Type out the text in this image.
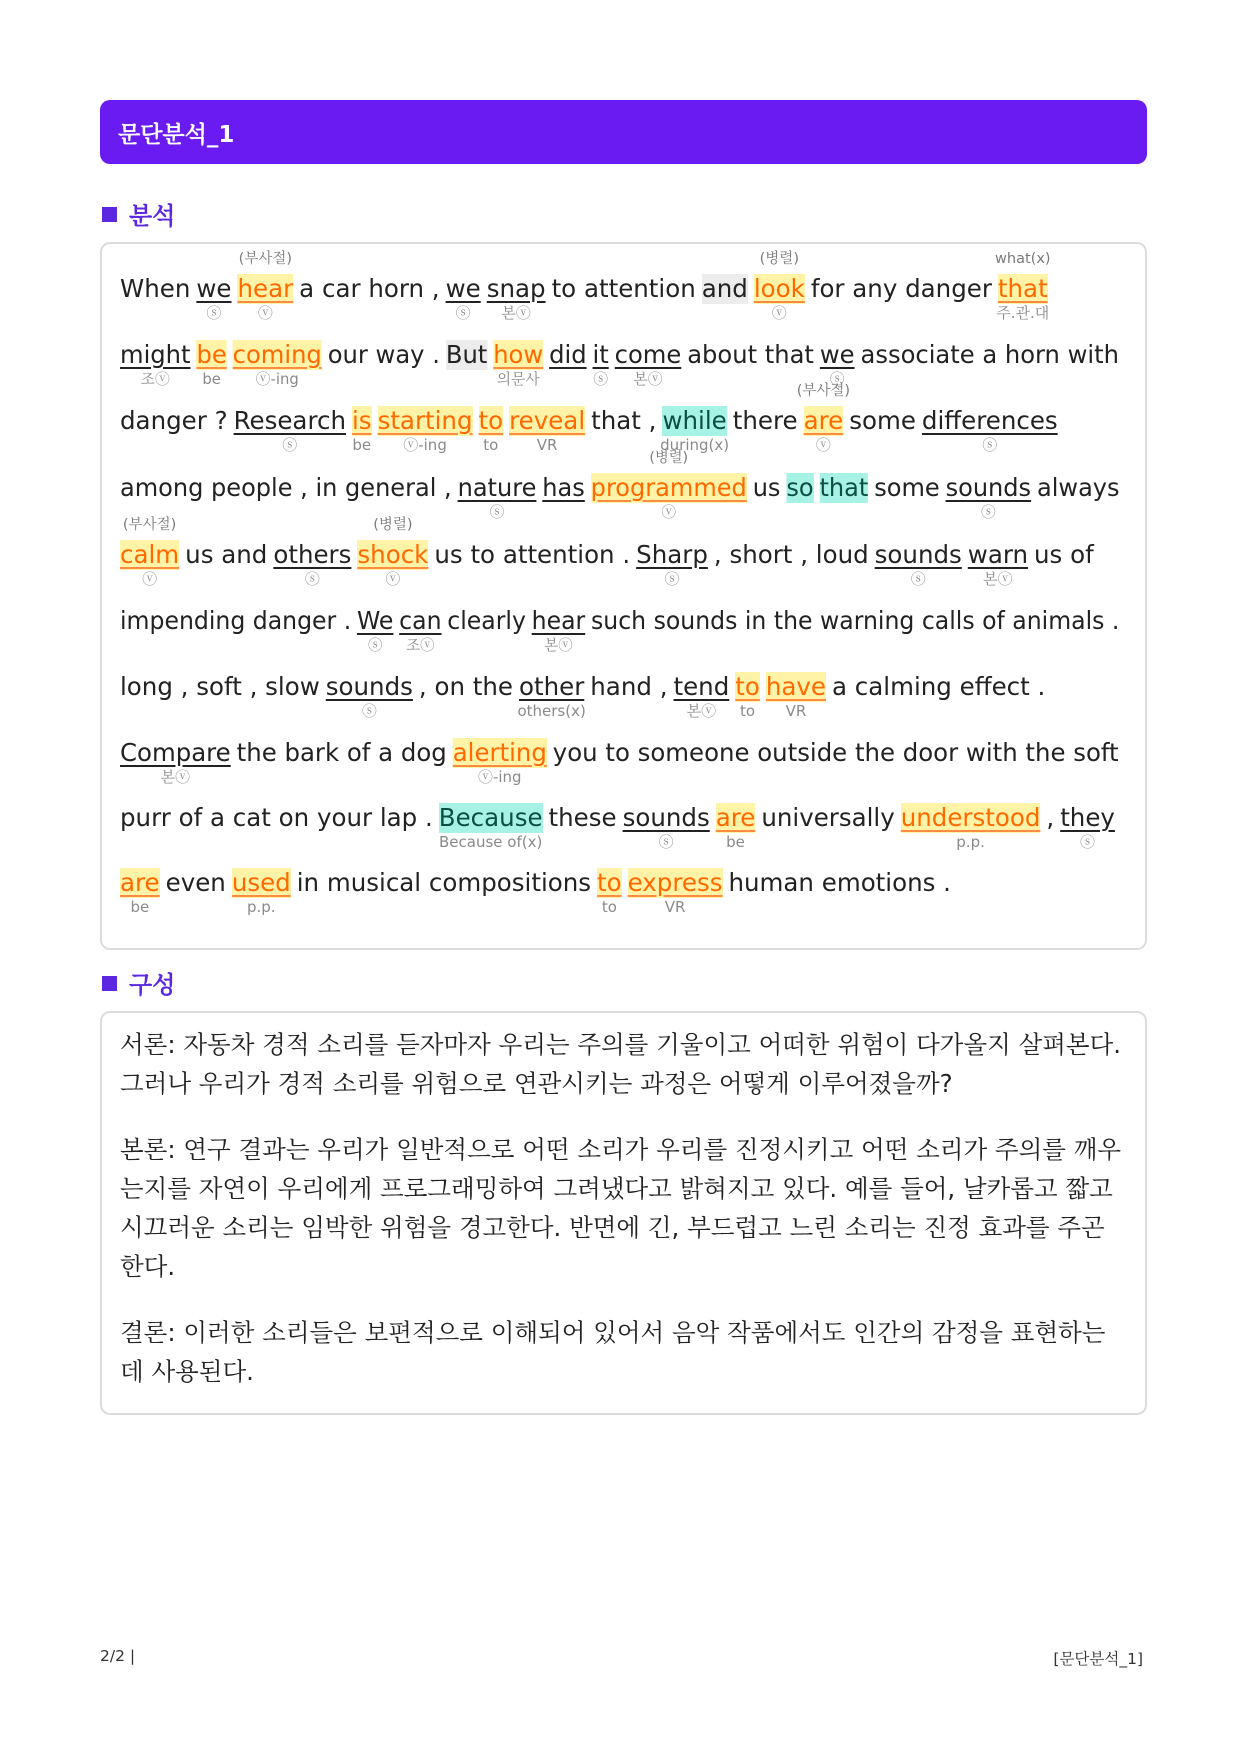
문단분석_1
분석
When we
ⓢ
hear
(부사절)
ⓥ
a car horn , we
ⓢ
snap
본ⓥ
to attention and look
(병렬)
ⓥ
for any danger that
what(x)
주.관.대
might
조ⓥ
be
be
coming
ⓥ-ing
our way . But how
의문사
did it
ⓢ
come
본ⓥ
about that we
ⓢ
associate a horn with
danger ? Research
ⓢ
is
be
starting
ⓥ-ing
to
to
reveal
VR
that , while
during(x)
there are
(부사절)
ⓥ
some differences
ⓢ
among people , in general , nature
ⓢ
has programmed
(병렬)
ⓥ
us so that some sounds
ⓢ
always
calm
(부사절)
ⓥ
us and others
ⓢ
shock
(병렬)
ⓥ
us to attention . Sharp
ⓢ
, short , loud sounds
ⓢ
warn
본ⓥ
us of
impending danger . We
ⓢ
can
조ⓥ
clearly hear
본ⓥ
such sounds in the warning calls of animals .
long , soft , slow sounds
ⓢ
, on the other
others(x)
hand , tend
본ⓥ
to
to
have
VR
a calming effect .
Compare
본ⓥ
the bark of a dog alerting
ⓥ-ing
you to someone outside the door with the soft
purr of a cat on your lap . Because
Because of(x)
these sounds
ⓢ
are
be
universally understood
p.p.
, they
ⓢ
are
be
even used
p.p.
in musical compositions to
to
express
VR
human emotions .
구성
서론: 자동차 경적 소리를 듣자마자 우리는 주의를 기울이고 어떠한 위험이 다가올지 살펴본다. 그러나 우리가 경적 소리를 위험으로 연관시키는 과정은 어떻게 이루어졌을까?
본론: 연구 결과는 우리가 일반적으로 어떤 소리가 우리를 진정시키고 어떤 소리가 주의를 깨우는지를 자연이 우리에게 프로그래밍하여 그려냈다고 밝혀지고 있다. 예를 들어, 날카롭고 짧고 시끄러운 소리는 임박한 위험을 경고한다. 반면에 긴, 부드럽고 느린 소리는 진정 효과를 주곤 한다.
결론: 이러한 소리들은 보편적으로 이해되어 있어서 음악 작품에서도 인간의 감정을 표현하는 데 사용된다.
2/2 |	[문단분석_1]
